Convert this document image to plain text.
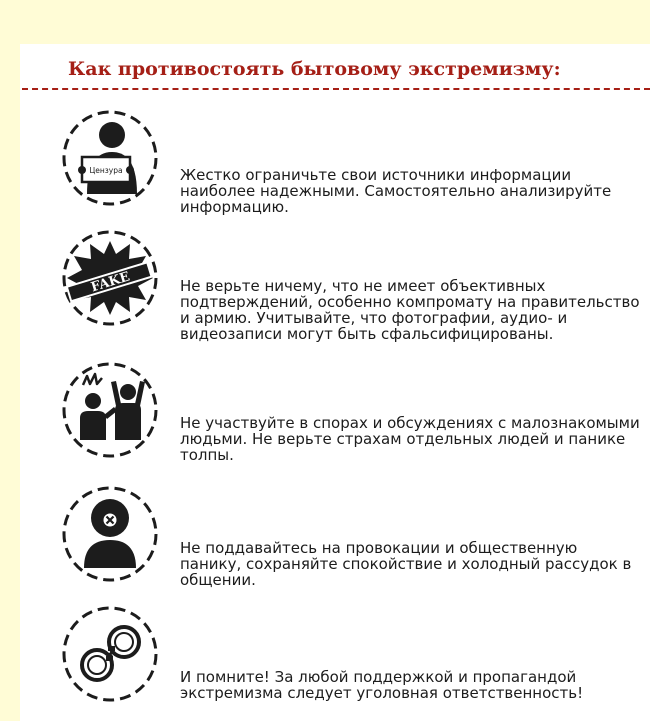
Как противостоять бытовому экстремизму:
Цензура	Жестко ограничьте свои источники информации наиболее надежными. Самостоятельно анализируйте информацию.

FAKE	Не верьте ничему, что не имеет объективных подтверждений, особенно компромату на правительство и армию. Учитывайте, что фотографии, аудио- и видеозаписи могут быть сфальсифицированы.

Не участвуйте в спорах и обсуждениях с малознакомыми людьми. Не верьте страхам отдельных людей и панике толпы.

Не поддавайтесь на провокации и общественную панику, сохраняйте спокойствие и холодный рассудок в общении.

И помните! За любой поддержкой и пропагандой экстремизма следует уголовная ответственность!
